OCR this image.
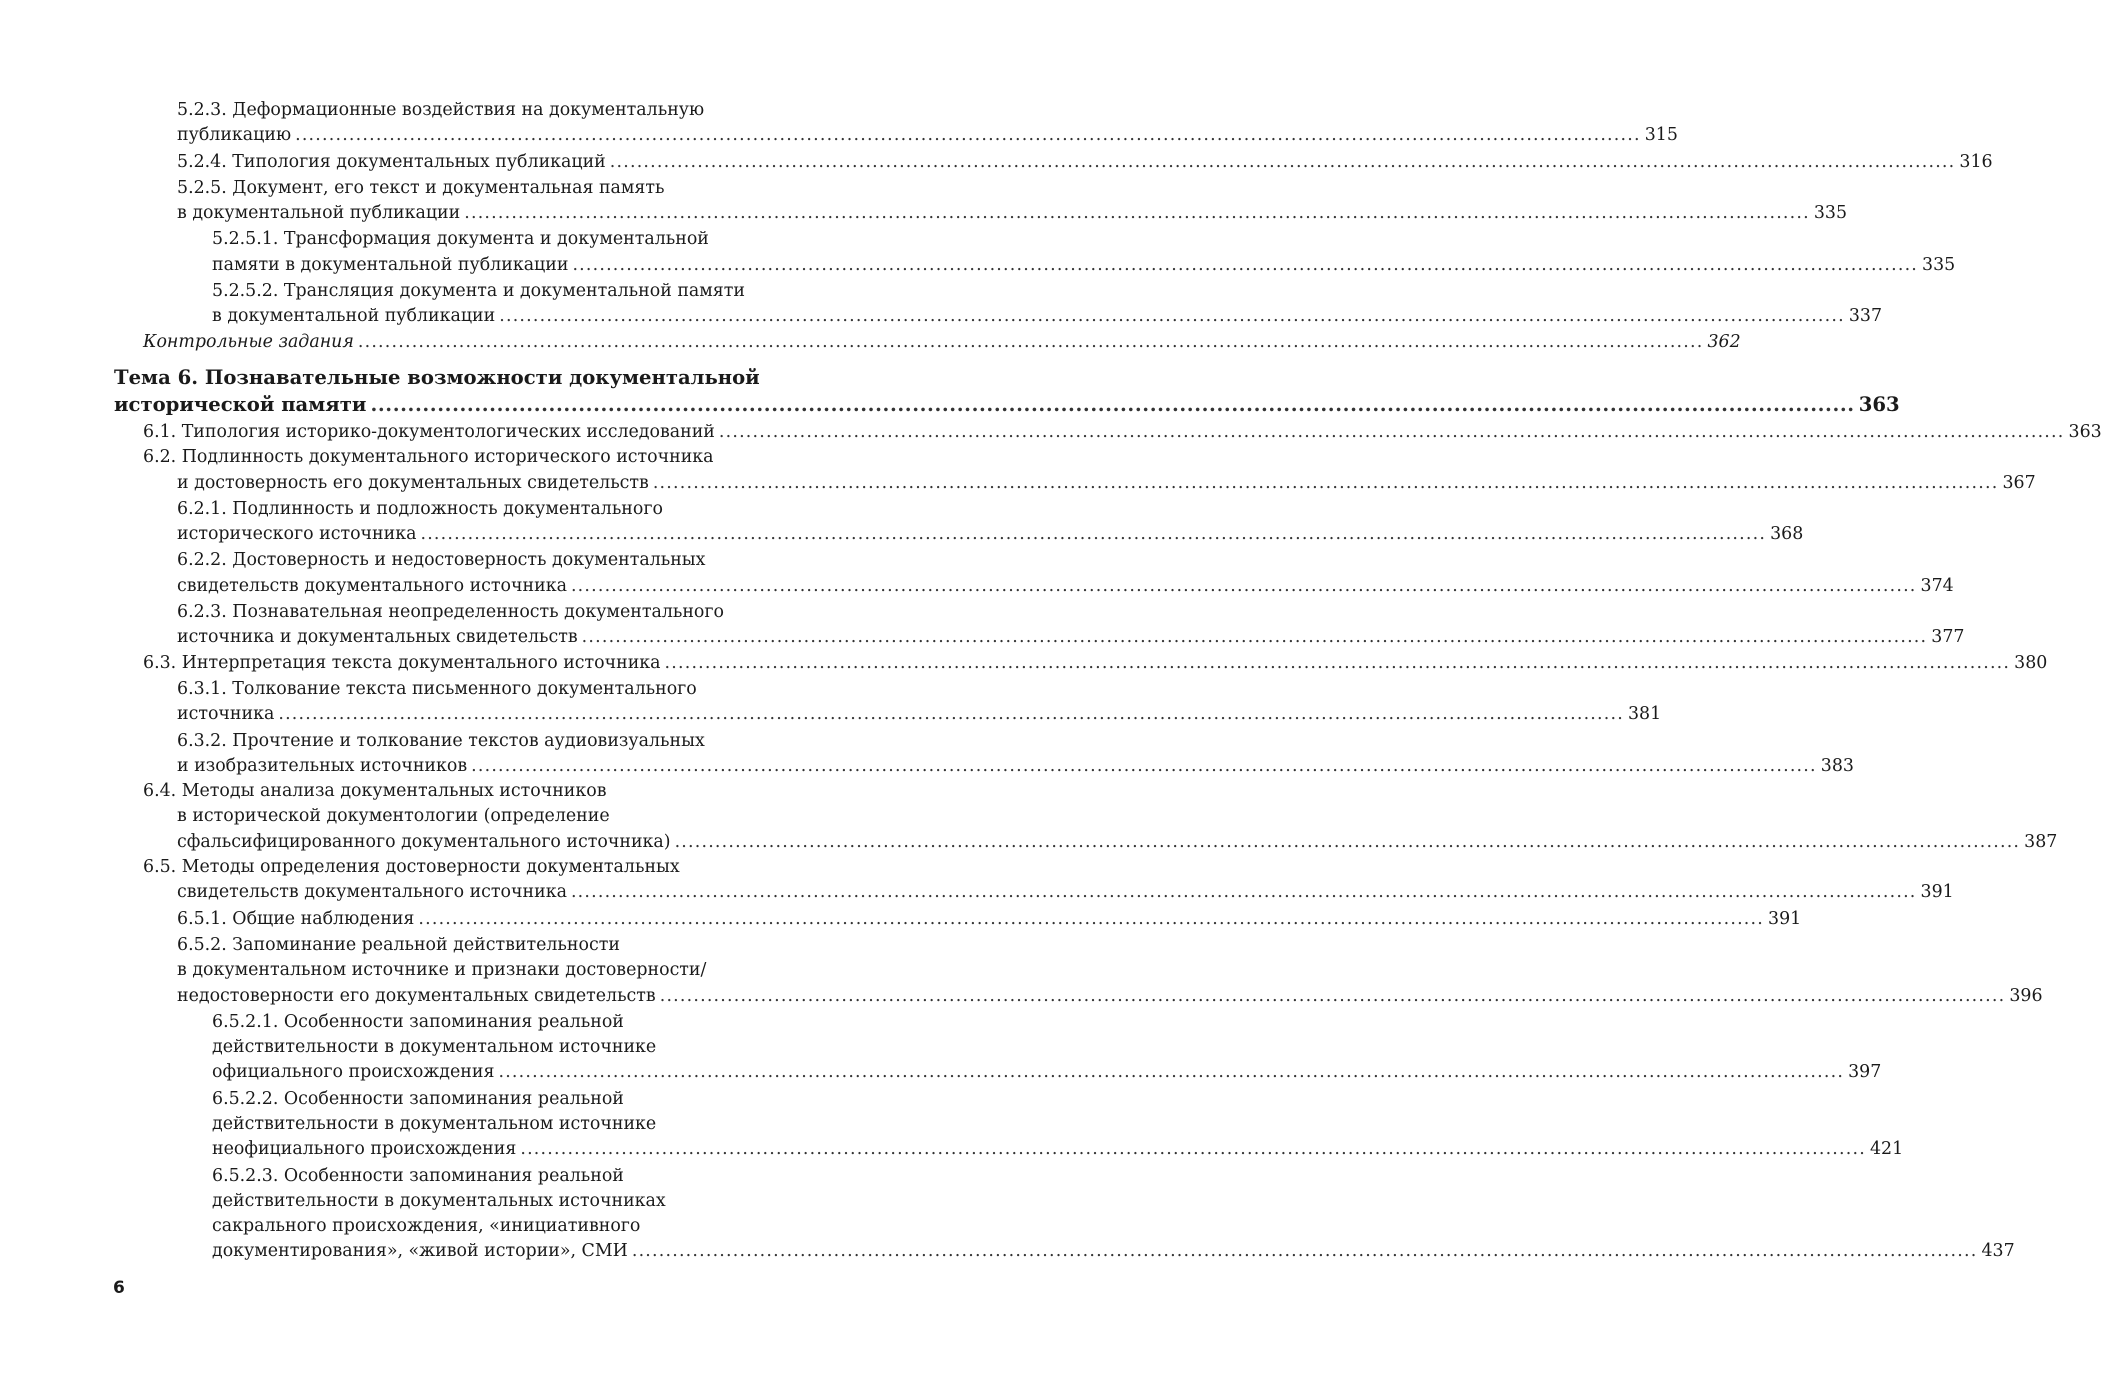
5.2.3. Деформационные воздействия на документальную
публикацию ........................................................................................................................................................................................................ 315
5.2.4. Типология документальных публикаций ........................................................................................................................................................................................................ 316
5.2.5. Документ, его текст и документальная память
в документальной публикации ........................................................................................................................................................................................................ 335
5.2.5.1. Трансформация документа и документальной
памяти в документальной публикации ........................................................................................................................................................................................................ 335
5.2.5.2. Трансляция документа и документальной памяти
в документальной публикации ........................................................................................................................................................................................................ 337
Контрольные задания ........................................................................................................................................................................................................ 362
Тема 6. Познавательные возможности документальной
исторической памяти ........................................................................................................................................................................................................ 363
6.1. Типология историко-документологических исследований ........................................................................................................................................................................................................ 363
6.2. Подлинность документального исторического источника
и достоверность его документальных свидетельств ........................................................................................................................................................................................................ 367
6.2.1. Подлинность и подложность документального
исторического источника ........................................................................................................................................................................................................ 368
6.2.2. Достоверность и недостоверность документальных
свидетельств документального источника ........................................................................................................................................................................................................ 374
6.2.3. Познавательная неопределенность документального
источника и документальных свидетельств ........................................................................................................................................................................................................ 377
6.3. Интерпретация текста документального источника ........................................................................................................................................................................................................ 380
6.3.1. Толкование текста письменного документального
источника ........................................................................................................................................................................................................ 381
6.3.2. Прочтение и толкование текстов аудиовизуальных
и изобразительных источников ........................................................................................................................................................................................................ 383
6.4. Методы анализа документальных источников
в исторической документологии (определение
сфальсифицированного документального источника) ........................................................................................................................................................................................................ 387
6.5. Методы определения достоверности документальных
свидетельств документального источника ........................................................................................................................................................................................................ 391
6.5.1. Общие наблюдения ........................................................................................................................................................................................................ 391
6.5.2. Запоминание реальной действительности
в документальном источнике и признаки достоверности/
недостоверности его документальных свидетельств ........................................................................................................................................................................................................ 396
6.5.2.1. Особенности запоминания реальной
действительности в документальном источнике
официального происхождения ........................................................................................................................................................................................................ 397
6.5.2.2. Особенности запоминания реальной
действительности в документальном источнике
неофициального происхождения ........................................................................................................................................................................................................ 421
6.5.2.3. Особенности запоминания реальной
действительности в документальных источниках
сакрального происхождения, «инициативного
документирования», «живой истории», СМИ ........................................................................................................................................................................................................ 437
6
